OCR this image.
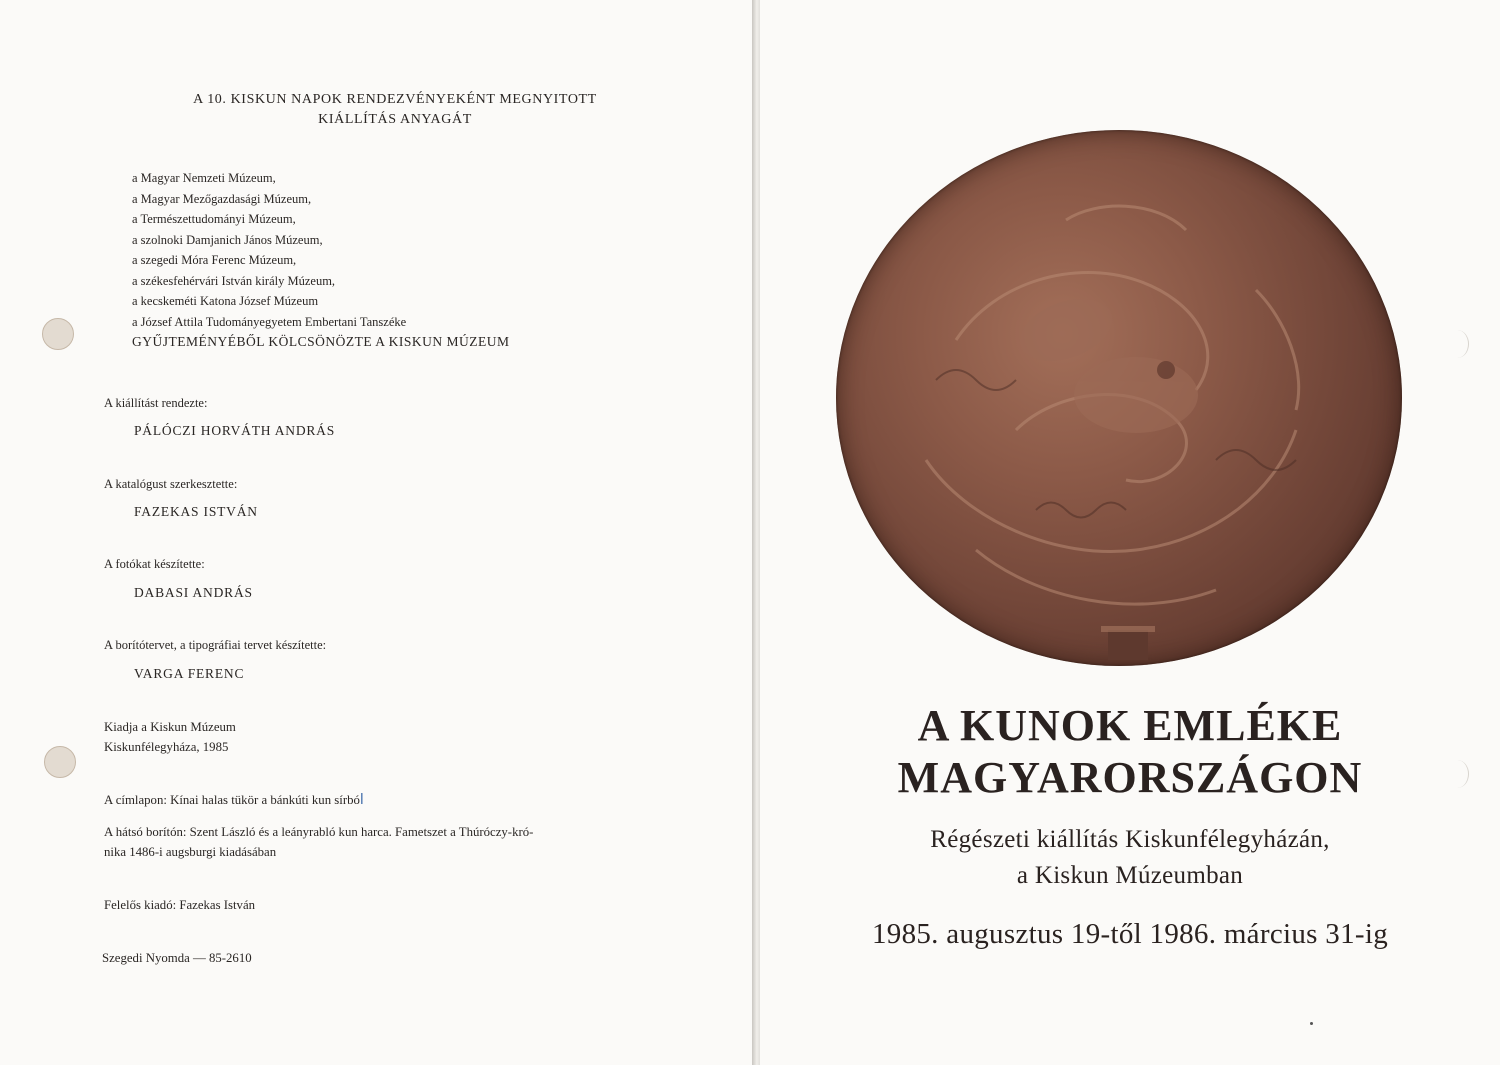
A 10. KISKUN NAPOK RENDEZVÉNYEKÉNT MEGNYITOTT
KIÁLLÍTÁS ANYAGÁT
a Magyar Nemzeti Múzeum,
a Magyar Mezőgazdasági Múzeum,
a Természettudományi Múzeum,
a szolnoki Damjanich János Múzeum,
a szegedi Móra Ferenc Múzeum,
a székesfehérvári István király Múzeum,
a kecskeméti Katona József Múzeum
a József Attila Tudományegyetem Embertani Tanszéke
GYŰJTEMÉNYÉBŐL KÖLCSÖNÖZTE A KISKUN MÚZEUM
A kiállítást rendezte:
PÁLÓCZI HORVÁTH ANDRÁS
A katalógust szerkesztette:
FAZEKAS ISTVÁN
A fotókat készítette:
DABASI ANDRÁS
A borítótervet, a tipográfiai tervet készítette:
VARGA FERENC
Kiadja a Kiskun Múzeum
Kiskunfélegyháza, 1985
A címlapon: Kínai halas tükör a bánkúti kun sírból
A hátsó borítón: Szent László és a leányrabló kun harca. Fametszet a Thúróczy-kró-
nika 1486-i augsburgi kiadásában
Felelős kiadó: Fazekas István
Szegedi Nyomda — 85-2610
A KUNOK EMLÉKE
MAGYARORSZÁGON
Régészeti kiállítás Kiskunfélegyházán,
a Kiskun Múzeumban
1985. augusztus 19-től 1986. március 31-ig
